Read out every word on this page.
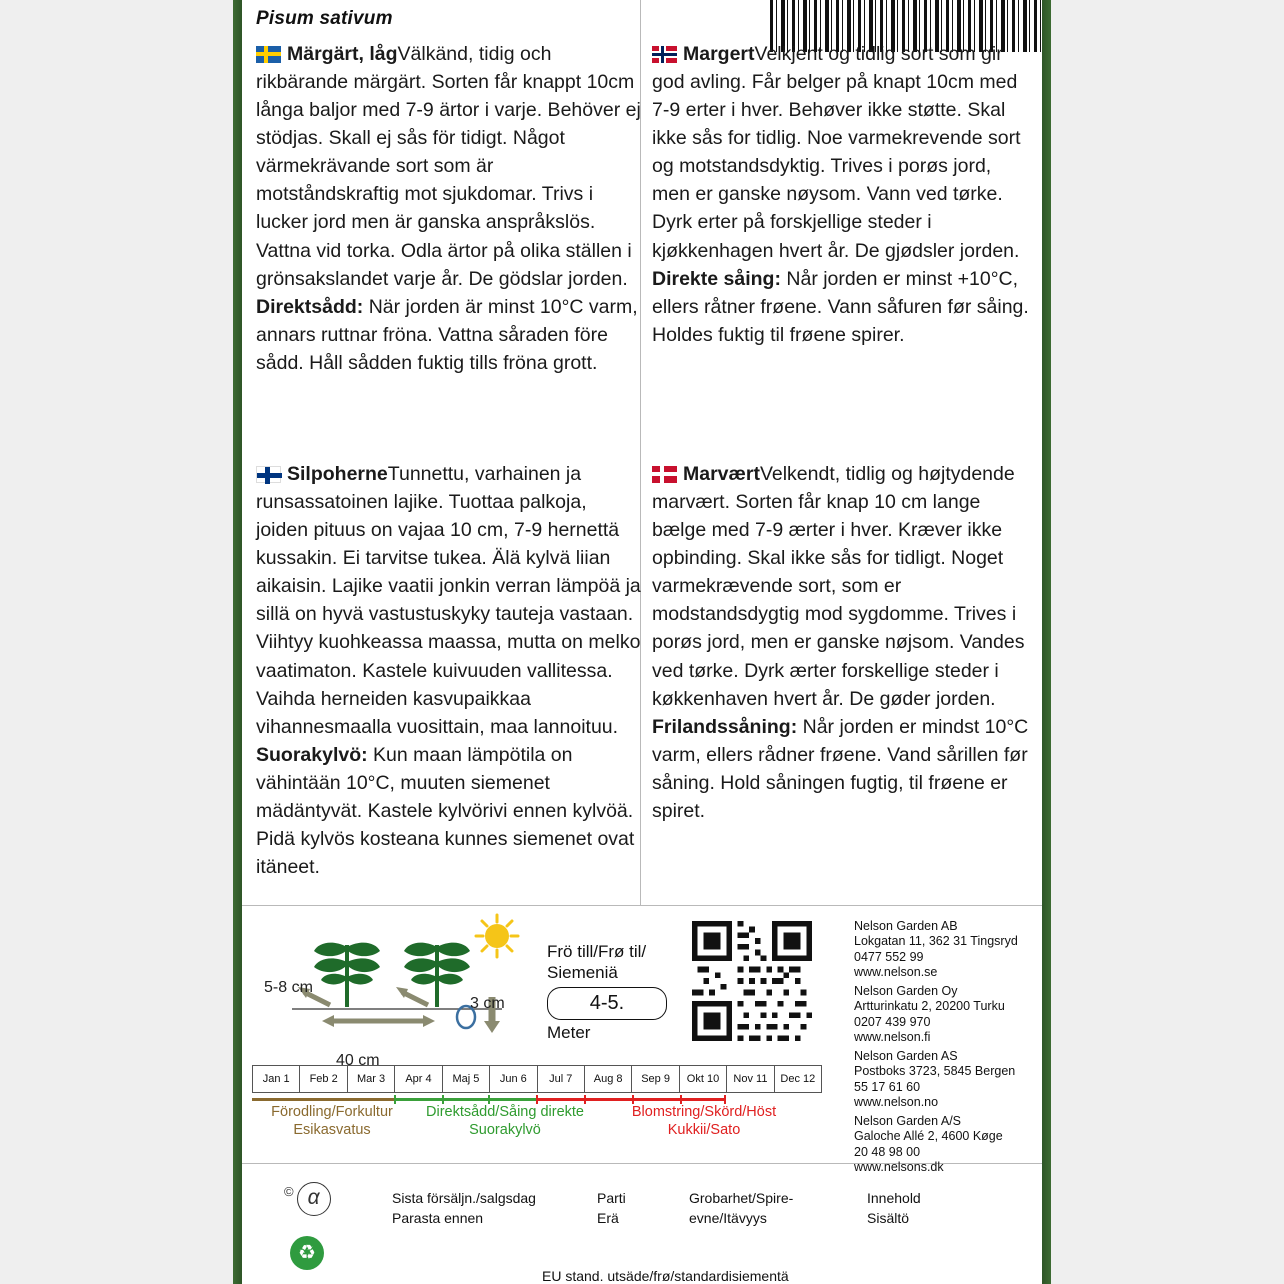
Pisum sativum

Märgärt, lågVälkänd, tidig och rikbärande märgärt. Sorten får knappt 10cm långa baljor med 7-9 ärtor i varje. Behöver ej stödjas. Skall ej sås för tidigt. Något värmekrävande sort som är motståndskraftig mot sjukdomar. Trivs i lucker jord men är ganska anspråkslös. Vattna vid torka. Odla ärtor på olika ställen i grönsakslandet varje år. De gödslar jorden. Direktsådd: När jorden är minst 10°C varm, annars ruttnar fröna. Vattna såraden före sådd. Håll sådden fuktig tills fröna grott.

MargertVelkjent og tidlig sort som gir god avling. Får belger på knapt 10cm med 7-9 erter i hver. Behøver ikke støtte. Skal ikke sås for tidlig. Noe varmekrevende sort og motstandsdyktig. Trives i porøs jord, men er ganske nøysom. Vann ved tørke. Dyrk erter på forskjellige steder i kjøkkenhagen hvert år. De gjødsler jorden. Direkte såing: Når jorden er minst +10°C, ellers råtner frøene. Vann såfuren før såing. Holdes fuktig til frøene spirer.

SilpoherneTunnettu, varhainen ja runsassatoinen lajike. Tuottaa palkoja, joiden pituus on vajaa 10 cm, 7-9 hernettä kussakin. Ei tarvitse tukea. Älä kylvä liian aikaisin. Lajike vaatii jonkin verran lämpöä ja sillä on hyvä vastustuskyky tauteja vastaan. Viihtyy kuohkeassa maassa, mutta on melko vaatimaton. Kastele kuivuuden vallitessa. Vaihda herneiden kasvupaikkaa vihannesmaalla vuosittain, maa lannoituu. Suorakylvö: Kun maan lämpötila on vähintään 10°C, muuten siemenet mädäntyvät. Kastele kylvörivi ennen kylvöä. Pidä kylvös kosteana kunnes siemenet ovat itäneet.

MarværtVelkendt, tidlig og højtydende marvært. Sorten får knap 10 cm lange bælge med 7-9 ærter i hver. Kræver ikke opbinding. Skal ikke sås for tidligt. Noget varmekrævende sort, som er modstandsdygtig mod sygdomme. Trives i porøs jord, men er ganske nøjsom. Vandes ved tørke. Dyrk ærter forskellige steder i køkkenhaven hvert år. De gøder jorden. Frilandssåning: Når jorden er mindst 10°C varm, ellers rådner frøene. Vand sårillen før såning. Hold såningen fugtig, til frøene er spiret.

5-8 cm
3 cm
40 cm
Frö till/Frø til/
Siemeniä
4-5.
Meter
Nelson Garden AB
Lokgatan 11, 362 31 Tingsryd
0477 552 99
www.nelson.se
Nelson Garden Oy
Artturinkatu 2, 20200 Turku
0207 439 970
www.nelson.fi
Nelson Garden AS
Postboks 3723, 5845 Bergen
55 17 61 60
www.nelson.no
Nelson Garden A/S
Galoche Allé 2, 4600 Køge
20 48 98 00
www.nelsons.dk
Jan 1	Feb 2	Mar 3	Apr 4	Maj 5	Jun 6	Jul 7	Aug 8	Sep 9	Okt 10	Nov 11	Dec 12
Förodling/Forkultur
Esikasvatus
Direktsådd/Såing direkte
Suorakylvö
Blomstring/Skörd/Höst
Kukkii/Sato
© α
♻
Sista försäljn./salgsdag
Parasta ennen
Parti
Erä
Grobarhet/Spire-
evne/Itävyys
Innehold
Sisältö
EU stand. utsäde/frø/standardisiementä
